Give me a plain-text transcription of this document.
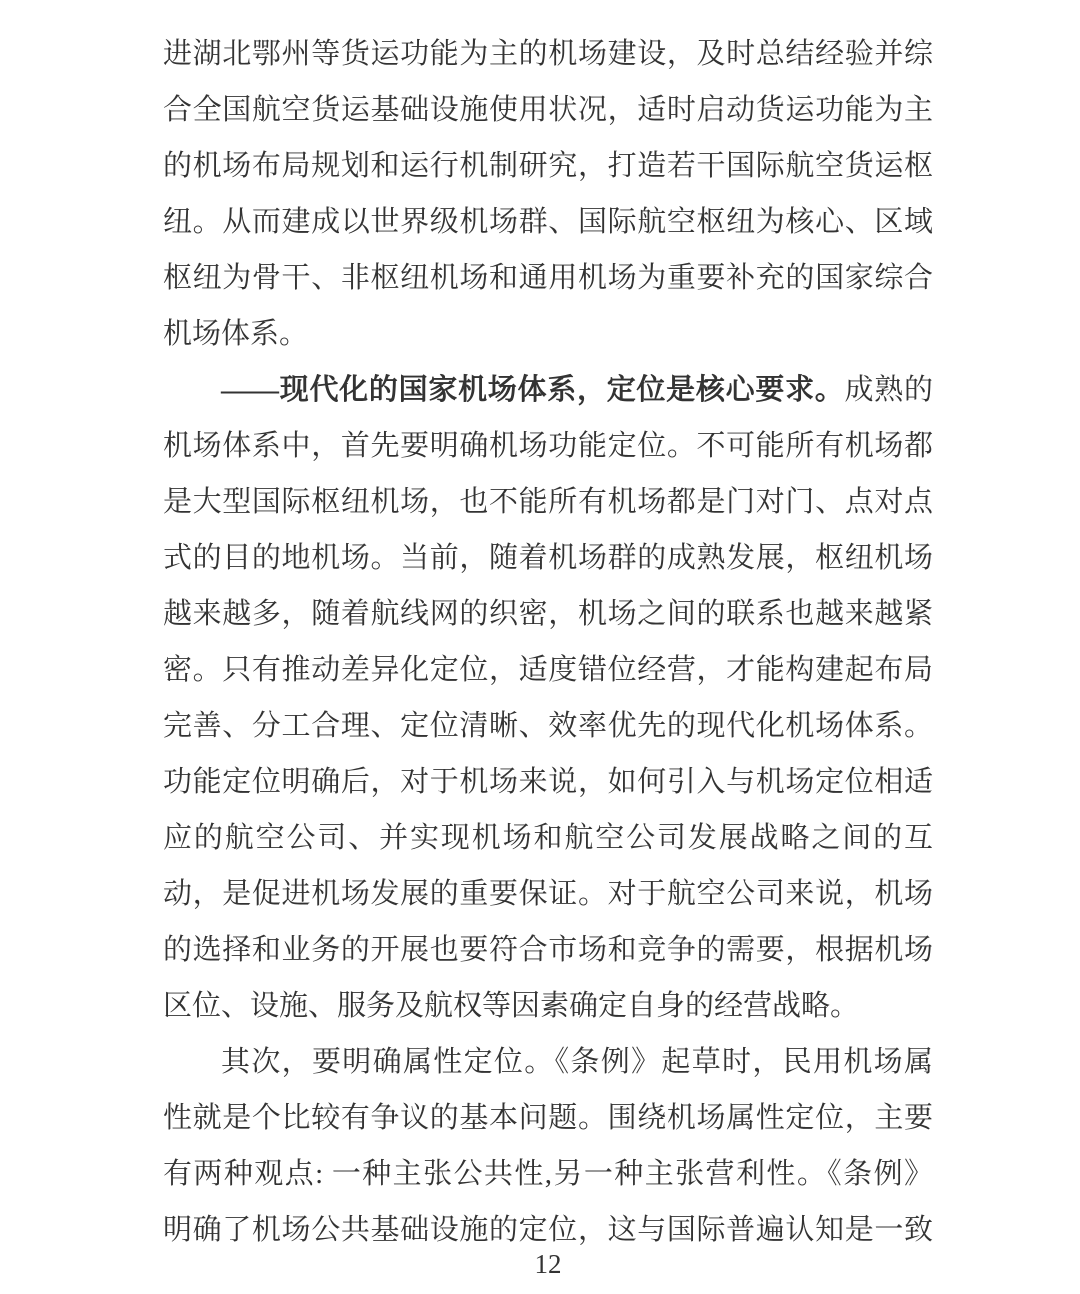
进湖北鄂州等货运功能为主的机场建设，及时总结经验并综
合全国航空货运基础设施使用状况，适时启动货运功能为主
的机场布局规划和运行机制研究，打造若干国际航空货运枢
纽。从而建成以世界级机场群、国际航空枢纽为核心、区域
枢纽为骨干、非枢纽机场和通用机场为重要补充的国家综合
机场体系。
——现代化的国家机场体系，定位是核心要求。成熟的
机场体系中，首先要明确机场功能定位。不可能所有机场都
是大型国际枢纽机场，也不能所有机场都是门对门、点对点
式的目的地机场。当前，随着机场群的成熟发展，枢纽机场
越来越多，随着航线网的织密，机场之间的联系也越来越紧
密。只有推动差异化定位，适度错位经营，才能构建起布局
完善、分工合理、定位清晰、效率优先的现代化机场体系。
功能定位明确后，对于机场来说，如何引入与机场定位相适
应的航空公司、并实现机场和航空公司发展战略之间的互
动，是促进机场发展的重要保证。对于航空公司来说，机场
的选择和业务的开展也要符合市场和竞争的需要，根据机场
区位、设施、服务及航权等因素确定自身的经营战略。
其次，要明确属性定位。《条例》起草时，民用机场属
性就是个比较有争议的基本问题。围绕机场属性定位，主要
有两种观点: 一种主张公共性,另一种主张营利性。《条例》
明确了机场公共基础设施的定位，这与国际普遍认知是一致
12
